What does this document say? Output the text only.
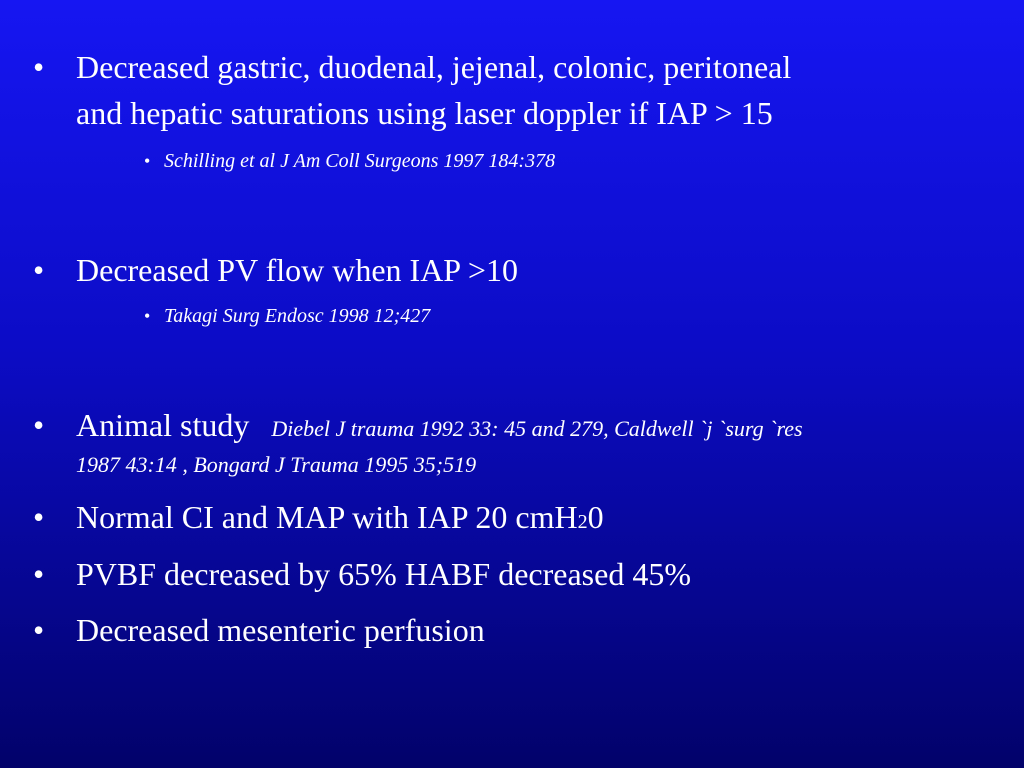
• Decreased gastric, duodenal, jejenal, colonic, peritoneal
and hepatic saturations using laser doppler if IAP > 15
• Schilling et al J Am Coll Surgeons 1997 184:378
• Decreased PV flow when IAP >10
• Takagi Surg Endosc 1998 12;427
• Animal study Diebel J trauma 1992 33: 45 and 279, Caldwell `j `surg `res
1987 43:14 , Bongard J Trauma 1995 35;519
• Normal CI and MAP with IAP 20 cmH20
• PVBF decreased by 65% HABF decreased 45%
• Decreased mesenteric perfusion
